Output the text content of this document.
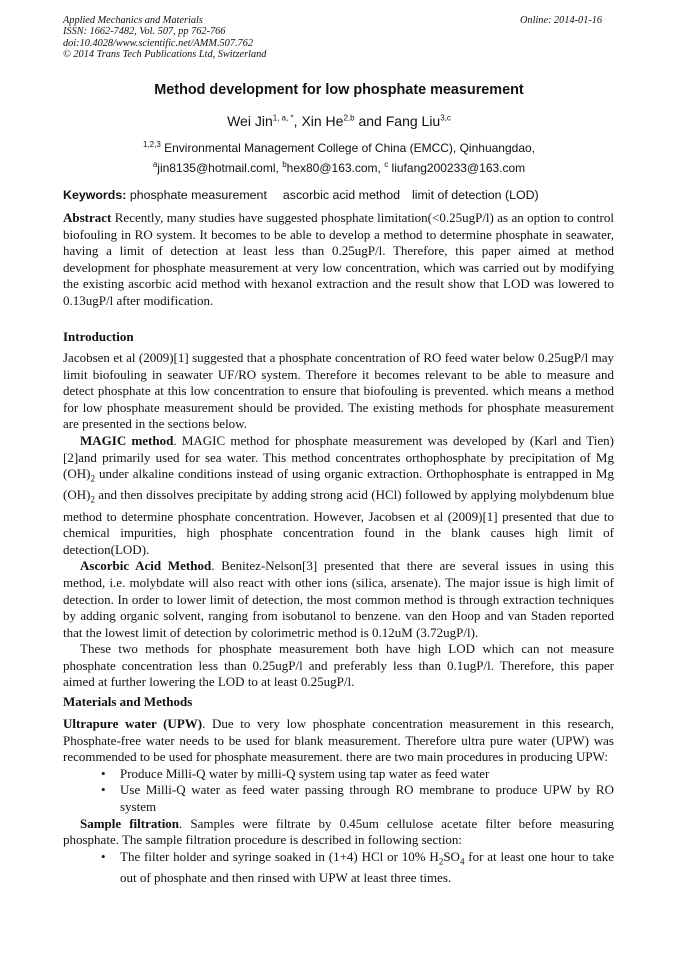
Applied Mechanics and Materials
ISSN: 1662-7482, Vol. 507, pp 762-766
doi:10.4028/www.scientific.net/AMM.507.762
© 2014 Trans Tech Publications Ltd, Switzerland
Online: 2014-01-16
Method development for low phosphate measurement
Wei Jin$^{1, a, *}$, Xin He$^{2,b}$ and Fang Liu$^{3,c}$
$^{1,2,3}$ Environmental Management College of China (EMCC), Qinhuangdao,
$^a$jin8135@hotmail.coml, $^b$hex80@163.com, $^c$ liufang200233@163.com
Keywords: phosphate measurement ascorbic acid method limit of detection (LOD)

Abstract Recently, many studies have suggested phosphate limitation(<0.25ugP/l) as an option to control biofouling in RO system. It becomes to be able to develop a method to determine phosphate in seawater, having a limit of detection at least less than 0.25ugP/l. Therefore, this paper aimed at method development for phosphate measurement at very low concentration, which was carried out by modifying the existing ascorbic acid method with hexanol extraction and the result show that LOD was lowered to 0.13ugP/l after modification.

Introduction

Jacobsen et al (2009)[1] suggested that a phosphate concentration of RO feed water below 0.25ugP/l may limit biofouling in seawater UF/RO system. Therefore it becomes relevant to be able to measure and detect phosphate at this low concentration to ensure that biofouling is prevented. which means a method for low phosphate measurement should be provided. The existing methods for phosphate measurement are presented in the sections below.

MAGIC method. MAGIC method for phosphate measurement was developed by (Karl and Tien)[2]and primarily used for sea water. This method concentrates orthophosphate by precipitation of Mg $(OH)_2$ under alkaline conditions instead of using organic extraction. Orthophosphate is entrapped in Mg $(OH)_2$ and then dissolves precipitate by adding strong acid (HCl) followed by applying molybdenum blue method to determine phosphate concentration. However, Jacobsen et al (2009)[1] presented that due to chemical impurities, high phosphate concentration found in the blank causes high limit of detection(LOD).

Ascorbic Acid Method. Benitez-Nelson[3] presented that there are several issues in using this method, i.e. molybdate will also react with other ions (silica, arsenate). The major issue is high limit of detection. In order to lower limit of detection, the most common method is through extraction techniques by adding organic solvent, ranging from isobutanol to benzene. van den Hoop and van Staden reported that the lowest limit of detection by colorimetric method is 0.12uM (3.72ugP/l).

These two methods for phosphate measurement both have high LOD which can not measure phosphate concentration less than 0.25ugP/l and preferably less than 0.1ugP/l. Therefore, this paper aimed at further lowering the LOD to at least 0.25ugP/l.

Materials and Methods

Ultrapure water (UPW). Due to very low phosphate concentration measurement in this research, Phosphate-free water needs to be used for blank measurement. Therefore ultra pure water (UPW) was recommended to be used for phosphate measurement. there are two main procedures in producing UPW:

• Produce Milli-Q water by milli-Q system using tap water as feed water
• Use Milli-Q water as feed water passing through RO membrane to produce UPW by RO system

Sample filtration. Samples were filtrate by 0.45um cellulose acetate filter before measuring phosphate. The sample filtration procedure is described in following section:

• The filter holder and syringe soaked in (1+4) HCl or 10% $H_2SO_4$ for at least one hour to take out of phosphate and then rinsed with UPW at least three times.
